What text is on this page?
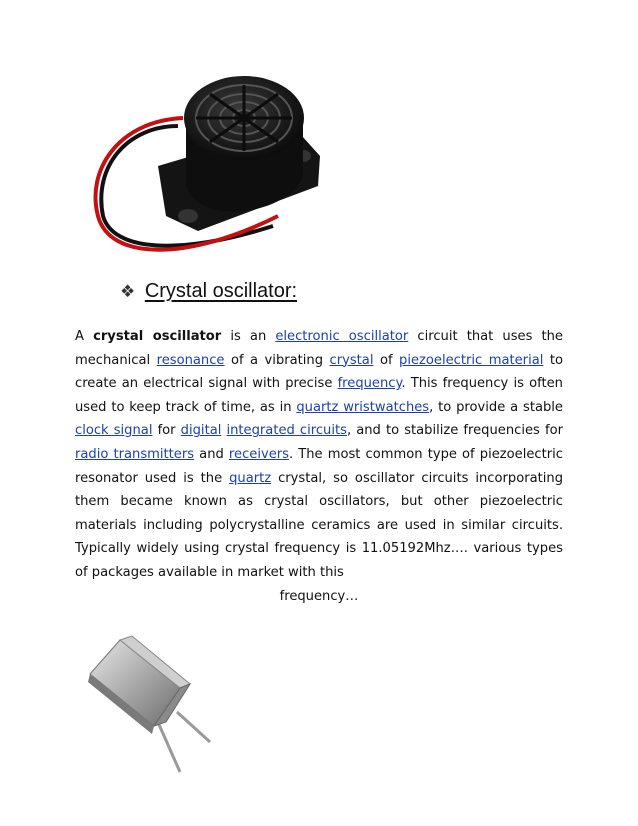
❖ Crystal oscillator:
A crystal oscillator is an electronic oscillator circuit that uses the mechanical resonance of a vibrating crystal of piezoelectric material to create an electrical signal with precise frequency. This frequency is often used to keep track of time, as in quartz wristwatches, to provide a stable clock signal for digital integrated circuits, and to stabilize frequencies for radio transmitters and receivers. The most common type of piezoelectric resonator used is the quartz crystal, so oscillator circuits incorporating them became known as crystal oscillators, but other piezoelectric materials including polycrystalline ceramics are used in similar circuits. Typically widely using crystal frequency is 11.05192Mhz…. various types of packages available in market with this
frequency…
